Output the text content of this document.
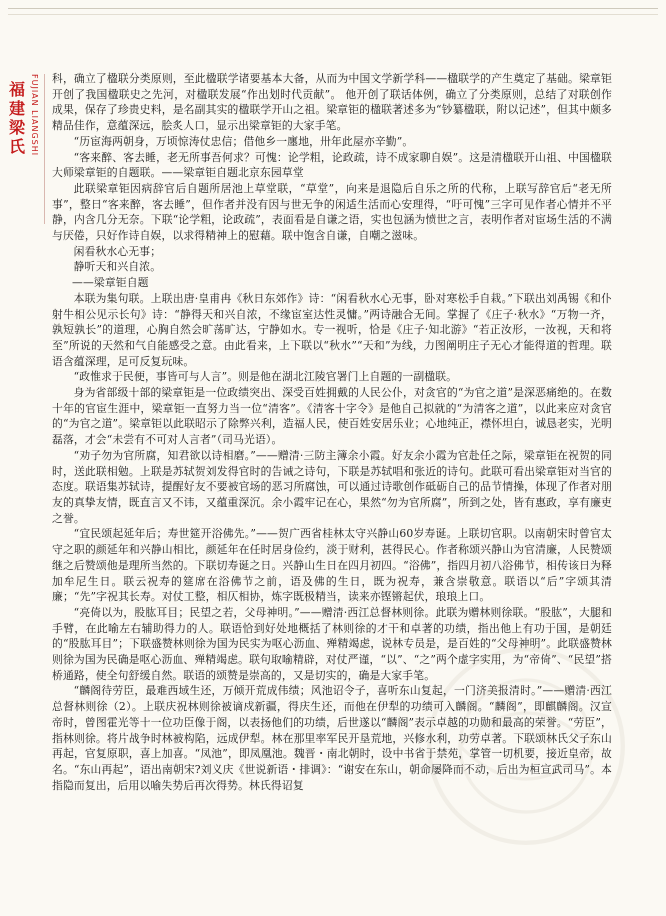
福
建
梁
氏 FUJIAN LIANGSHI 科，确立了楹联分类原则，至此楹联学诸要基本大备，从而为中国文学新学科——楹联学的产生奠定了基础。梁章钜开创了我国楹联史之先河，对楹联发展“作出划时代贡献”。 他开创了联话体例，确立了分类原则，总结了对联创作成果，保存了珍贵史料，是名副其实的楹联学开山之祖。梁章钜的楹联著述多为“钞纂楹联，附以记述”，但其中颇多精品佳作，意蕴深远，脍炙人口，显示出梁章钜的大家手笔。

“历宦海两朝身，万顷惊涛仗忠信；借他乡一廛地，卅年此屋亦辛勤”。

“客来醉、客去睡，老无所事吾何求？可愧：论学粗，论政疏，诗不成家聊自娱”。这是清楹联开山祖、中国楹联大师梁章钜的自题联。——梁章钜自题北京东园草堂

此联梁章钜因病辞官后自题所居池上草堂联，“草堂”，向来是退隐后自乐之所的代称，上联写辞官后“老无所事”，整日“客来醉，客去睡”，但作者并没有因与世无争的闲适生活而心安理得，“吁可愧”三字可见作者心情并不平静，内含几分无奈。下联“论学粗，论政疏”，表面看是自谦之语，实也包涵为愤世之言，表明作者对宦场生活的不满与厌倦，只好作诗自娱，以求得精神上的慰藉。联中饱含自谦，自嘲之滋味。

闲看秋水心无事；

静听天和兴自浓。

——梁章钜自题

本联为集句联。上联出唐·皇甫冉《秋日东郊作》诗：“闲看秋水心无事，卧对寒松手自栽。”下联出刘禹锡《和仆射牛相公见示长句》诗：“静得天和兴自浓，不缘宦室达性灵慵。”两诗融合无间。掌握了《庄子·秋水》“万物一齐，孰短孰长”的道理，心胸自然会旷荡旷达，宁静如水。专一视听，恰是《庄子·知北游》“若正汝形，一汝视，天和将至”所说的天然和气自能感受之意。由此看来，上下联以“秋水”“天和”为线，力图阐明庄子无心才能得道的哲理。联语含蕴深理，足可反复玩味。

“政惟求于民便，事皆可与人言”。则是他在湖北江陵官署门上自题的一副楹联。

身为省部级十部的梁章钜是一位政绩突出、深受百姓拥戴的人民公仆，对贪官的“为官之道”是深恶痛绝的。在数十年的官宦生涯中，梁章钜一直努力当一位“清客”。《清客十字令》是他自己拟就的“为清客之道”，以此来应对贪官的“为官之道”。梁章钜以此联昭示了除弊兴利，造福人民，使百姓安居乐业；心地纯正，襟怀坦白，诚恳老实，光明磊落，才会“未尝有不可对人言者”（司马光语）。

“劝子勿为官所腐，知君欲以诗相磨。”——赠清·三防主簿余小霞。好友余小霞为官赴任之际，梁章钜在祝贺的同时，送此联相勉。上联是苏轼贺刘发得官时的告诫之诗句，下联是苏轼唱和张近的诗句。此联可看出梁章钜对当官的态度。联语集苏轼诗，提醒好友不要被官场的恶习所腐蚀，可以通过诗歌创作砥砺自己的品节情操，体现了作者对朋友的真挚友情，既直言又不讳，又蕴重深沉。余小霞牢记在心，果然“勿为官所腐”，所到之处，皆有惠政，享有廉吏之誉。

“宜民颂起延年后；寿世筵开浴佛先。”——贺广西省桂林太守兴静山60岁寿诞。上联切官职。以南朝宋时曾官太守之职的颜延年和兴静山相比，颜延年在任时居身俭约，淡于财利，甚得民心。作者称颂兴静山为官清廉，人民赞颂继之后赞颂他是理所当然的。下联切寿诞之日。兴静山生日在四月初四。“浴佛”，指四月初八浴佛节，相传该日为释加牟尼生日。联云祝寿的筵席在浴佛节之前，语及佛的生日，既为祝寿，兼含崇敬意。联语以“后”字颂其清廉；“先”字祝其长寿。对仗工整，相仄相协，炼字既极精当，读来亦铿锵起伏，琅琅上口。

“亮倚以为，股肱耳目；民望之若，父母神明。”——赠清·西江总督林则徐。此联为赠林则徐联。“股肱”，大腿和手臂，在此喻左右辅助得力的人。联语恰到好处地概括了林则徐的才干和卓著的功绩，指出他上有功于国，是朝廷的“股肱耳目”；下联盛赞林则徐为国为民实为呕心沥血、殚精竭虑，说林专员是，是百姓的“父母神明”。此联盛赞林则徐为国为民确是呕心沥血、殚精竭虑。联句取喻精辟，对仗严谨，“以”、“之”两个虚字实用，为“帝倚”、“民望”搭桥通路，使全句舒缓自然。联语的颂赞是崇高的，又是切实的，确是大家手笔。

“麟阁待劳臣，最难西域生还，万倾开荒成伟绩；风池诏令子，喜听东山复起，一门济美报清时。”——赠清·西江总督林则徐（2）。上联庆祝林则徐被谪戍新疆，得庆生还，而他在伊犁的功绩可入麟阁。“麟阁”，即麒麟阁。汉宣帝时，曾图霍光等十一位功臣像于阁，以表扬他们的功绩，后世遂以“麟阁”表示卓越的功勋和最高的荣誉。“劳臣”，指林则徐。将片战争时林被构陷，远成伊犁。林在那里率军民开垦荒地，兴修水利，功劳卓著。下联颂林氏父子东山再起，官复原职，喜上加喜。“凤池”，即凤凰池。魏晋・南北朝时，设中书省于禁苑，掌管一切机要，接近皇帝，故名。“东山再起”，语出南朝宋?刘义庆《世说新语・排调》：“谢安在东山，朝命屡降而不动，后出为桓宣武司马”。本指隐而复出，后用以喻失势后再次得势。林氏得诏复
